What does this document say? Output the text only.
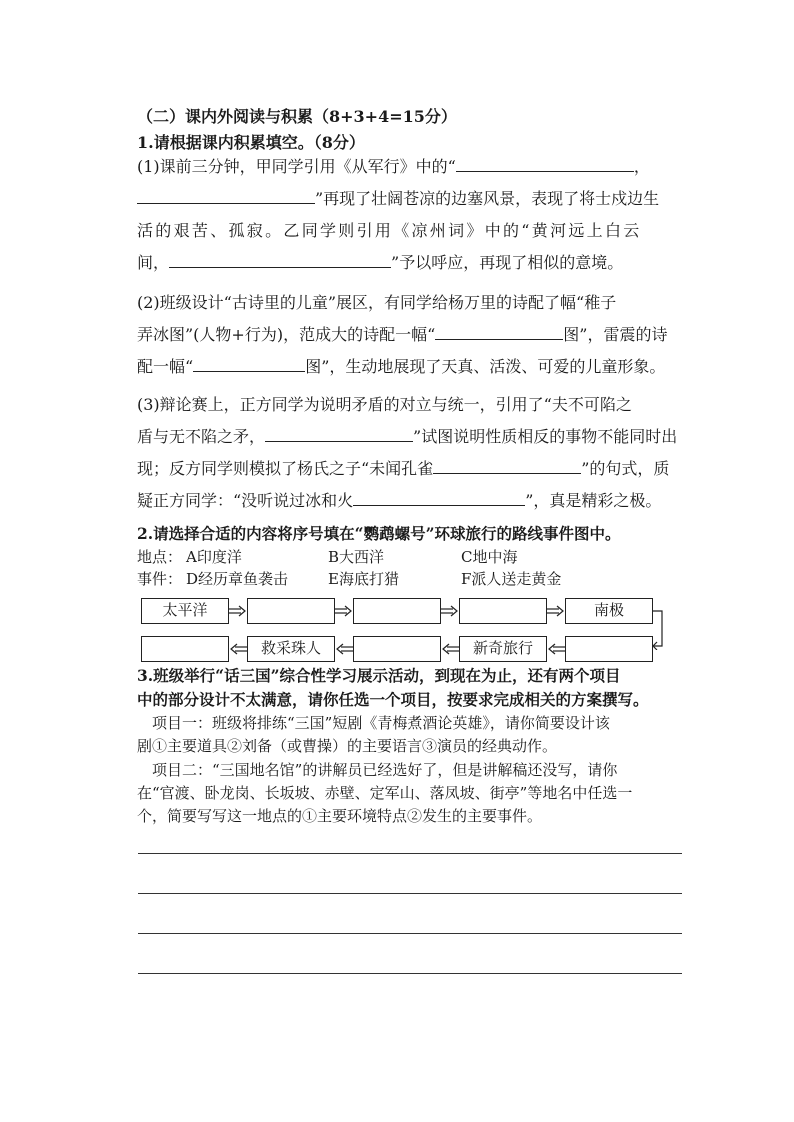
（二）课内外阅读与积累（8+3+4=15分）
1.请根据课内积累填空。（8分）
(1)课前三分钟，甲同学引用《从军行》中的“	，
”再现了壮阔苍凉的边塞风景，表现了将士戍边生
活的艰苦、孤寂。乙同学则引用《凉州词》中的“黄河远上白云
间，	”予以呼应，再现了相似的意境。
(2)班级设计“古诗里的儿童”展区，有同学给杨万里的诗配了幅“稚子
弄冰图”(人物+行为)，范成大的诗配一幅“	图”，雷震的诗
配一幅“	图”，生动地展现了天真、活泼、可爱的儿童形象。
(3)辩论赛上，正方同学为说明矛盾的对立与统一，引用了“夫不可陷之
盾与无不陷之矛，	”试图说明性质相反的事物不能同时出
现；反方同学则模拟了杨氏之子“未闻孔雀	”的句式，质
疑正方同学：“没听说过冰和火	”，真是精彩之极。
2.请选择合适的内容将序号填在“鹦鹉螺号”环球旅行的路线事件图中。
地点： A印度洋	B大西洋	C地中海
事件： D经历章鱼袭击	E海底打猎	F派人送走黄金
太平洋	南极
救采珠人	新奇旅行
3.班级举行“话三国”综合性学习展示活动，到现在为止，还有两个项目
中的部分设计不太满意，请你任选一个项目，按要求完成相关的方案撰写。
项目一：班级将排练“三国”短剧《青梅煮酒论英雄》，请你简要设计该
剧①主要道具②刘备（或曹操）的主要语言③演员的经典动作。
项目二：“三国地名馆”的讲解员已经选好了，但是讲解稿还没写，请你
在“官渡、卧龙岗、长坂坡、赤壁、定军山、落凤坡、街亭”等地名中任选一
个，简要写写这一地点的①主要环境特点②发生的主要事件。
